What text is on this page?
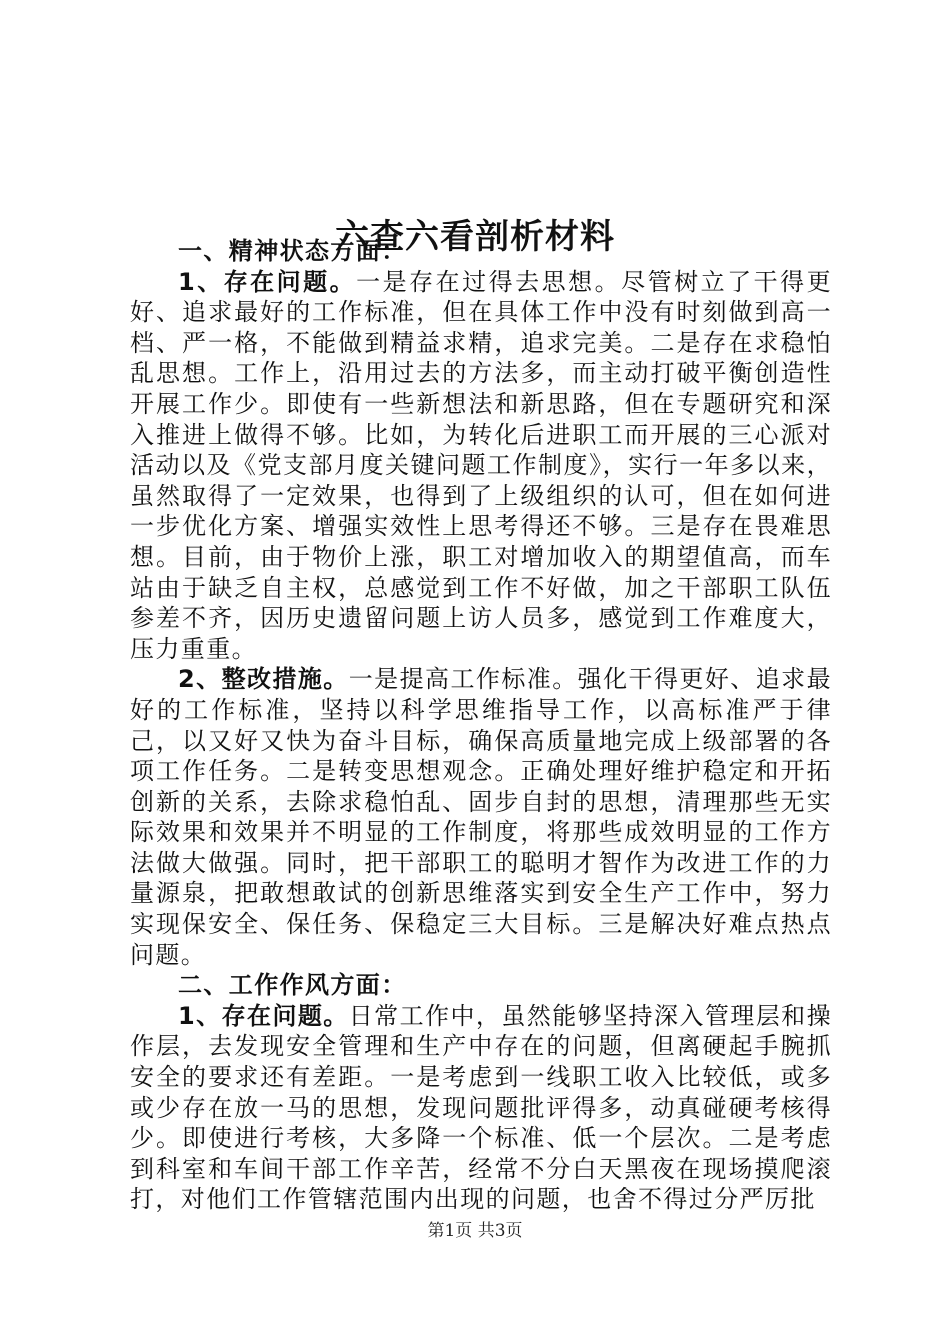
六查六看剖析材料
一、精神状态方面：

1、存在问题。一是存在过得去思想。尽管树立了干得更好、追求最好的工作标准，但在具体工作中没有时刻做到高一档、严一格，不能做到精益求精，追求完美。二是存在求稳怕乱思想。工作上，沿用过去的方法多，而主动打破平衡创造性开展工作少。即使有一些新想法和新思路，但在专题研究和深入推进上做得不够。比如，为转化后进职工而开展的三心派对活动以及《党支部月度关键问题工作制度》，实行一年多以来，虽然取得了一定效果，也得到了上级组织的认可，但在如何进一步优化方案、增强实效性上思考得还不够。三是存在畏难思想。目前，由于物价上涨，职工对增加收入的期望值高，而车站由于缺乏自主权，总感觉到工作不好做，加之干部职工队伍参差不齐，因历史遗留问题上访人员多，感觉到工作难度大，压力重重。

2、整改措施。一是提高工作标准。强化干得更好、追求最好的工作标准，坚持以科学思维指导工作，以高标准严于律己，以又好又快为奋斗目标，确保高质量地完成上级部署的各项工作任务。二是转变思想观念。正确处理好维护稳定和开拓创新的关系，去除求稳怕乱、固步自封的思想，清理那些无实际效果和效果并不明显的工作制度，将那些成效明显的工作方法做大做强。同时，把干部职工的聪明才智作为改进工作的力量源泉，把敢想敢试的创新思维落实到安全生产工作中，努力实现保安全、保任务、保稳定三大目标。三是解决好难点热点问题。

二、工作作风方面：

1、存在问题。日常工作中，虽然能够坚持深入管理层和操作层，去发现安全管理和生产中存在的问题，但离硬起手腕抓安全的要求还有差距。一是考虑到一线职工收入比较低，或多或少存在放一马的思想，发现问题批评得多，动真碰硬考核得少。即使进行考核，大多降一个标准、低一个层次。二是考虑到科室和车间干部工作辛苦，经常不分白天黑夜在现场摸爬滚打，对他们工作管辖范围内出现的问题，也舍不得过分严厉批

第1页 共3页
